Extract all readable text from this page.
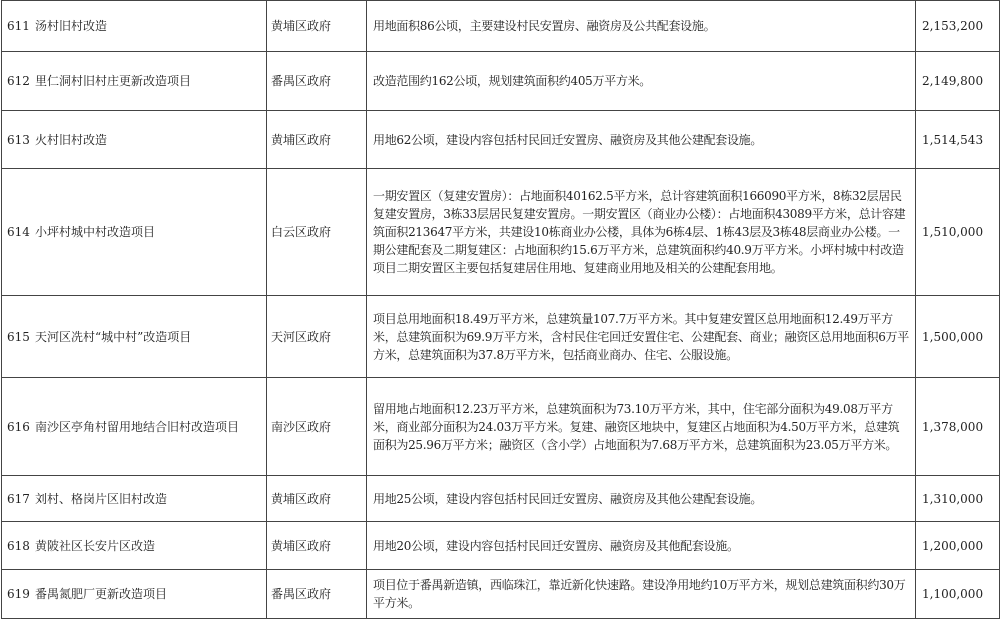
611 汤村旧村改造	黄埔区政府	用地面积86公顷，主要建设村民安置房、融资房及公共配套设施。	2,153,200

612 里仁洞村旧村庄更新改造项目	番禺区政府	改造范围约162公顷，规划建筑面积约405万平方米。	2,149,800

613 火村旧村改造	黄埔区政府	用地62公顷，建设内容包括村民回迁安置房、融资房及其他公建配套设施。	1,514,543

614 小坪村城中村改造项目	白云区政府	一期安置区（复建安置房）：占地面积40162.5平方米，总计容建筑面积166090平方米，8栋32层居民复建安置房，3栋33层居民复建安置房。一期安置区（商业办公楼）：占地面积43089平方米，总计容建筑面积213647平方米，共建设10栋商业办公楼，具体为6栋4层、1栋43层及3栋48层商业办公楼。一期公建配套及二期复建区：占地面积约15.6万平方米，总建筑面积约40.9万平方米。小坪村城中村改造项目二期安置区主要包括复建居住用地、复建商业用地及相关的公建配套用地。	1,510,000

615 天河区冼村“城中村”改造项目	天河区政府	项目总用地面积18.49万平方米，总建筑量107.7万平方米。其中复建安置区总用地面积12.49万平方米，总建筑面积为69.9万平方米，含村民住宅回迁安置住宅、公建配套、商业；融资区总用地面积6万平方米，总建筑面积为37.8万平方米，包括商业商办、住宅、公服设施。	1,500,000

616 南沙区亭角村留用地结合旧村改造项目	南沙区政府	留用地占地面积12.23万平方米，总建筑面积为73.10万平方米，其中，住宅部分面积为49.08万平方米，商业部分面积为24.03万平方米。复建、融资区地块中，复建区占地面积为4.50万平方米，总建筑面积为25.96万平方米；融资区（含小学）占地面积为7.68万平方米，总建筑面积为23.05万平方米。	1,378,000

617 刘村、格岗片区旧村改造	黄埔区政府	用地25公顷，建设内容包括村民回迁安置房、融资房及其他公建配套设施。	1,310,000

618 黄陂社区长安片区改造	黄埔区政府	用地20公顷，建设内容包括村民回迁安置房、融资房及其他配套设施。	1,200,000

619 番禺氮肥厂更新改造项目	番禺区政府	项目位于番禺新造镇，西临珠江，靠近新化快速路。建设净用地约10万平方米，规划总建筑面积约30万平方米。	1,100,000
